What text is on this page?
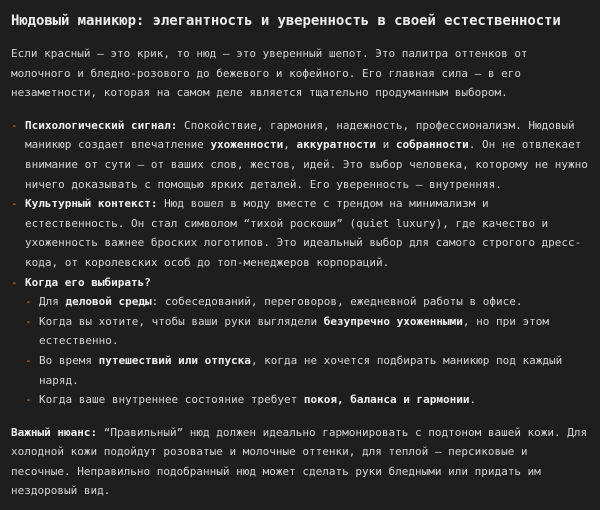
Нюдовый маникюр: элегантность и уверенность в своей естественности

Если красный — это крик, то нюд — это уверенный шепот. Это палитра оттенков от молочного и бледно-розового до бежевого и кофейного. Его главная сила — в его незаметности, которая на самом деле является тщательно продуманным выбором.

- Психологический сигнал: Спокойствие, гармония, надежность, профессионализм. Нюдовый маникюр создает впечатление ухоженности, аккуратности и собранности. Он не отвлекает внимание от сути — от ваших слов, жестов, идей. Это выбор человека, которому не нужно ничего доказывать с помощью ярких деталей. Его уверенность — внутренняя.
- Культурный контекст: Нюд вошел в моду вместе с трендом на минимализм и естественность. Он стал символом “тихой роскоши” (quiet luxury), где качество и ухоженность важнее броских логотипов. Это идеальный выбор для самого строгого дресс-кода, от королевских особ до топ-менеджеров корпораций.
- Когда его выбирать?
- Для деловой среды: собеседований, переговоров, ежедневной работы в офисе.
- Когда вы хотите, чтобы ваши руки выглядели безупречно ухоженными, но при этом естественно.
- Во время путешествий или отпуска, когда не хочется подбирать маникюр под каждый наряд.
- Когда ваше внутреннее состояние требует покоя, баланса и гармонии.

Важный нюанс: “Правильный” нюд должен идеально гармонировать с подтоном вашей кожи. Для холодной кожи подойдут розоватые и молочные оттенки, для теплой — персиковые и песочные. Неправильно подобранный нюд может сделать руки бледными или придать им нездоровый вид.
